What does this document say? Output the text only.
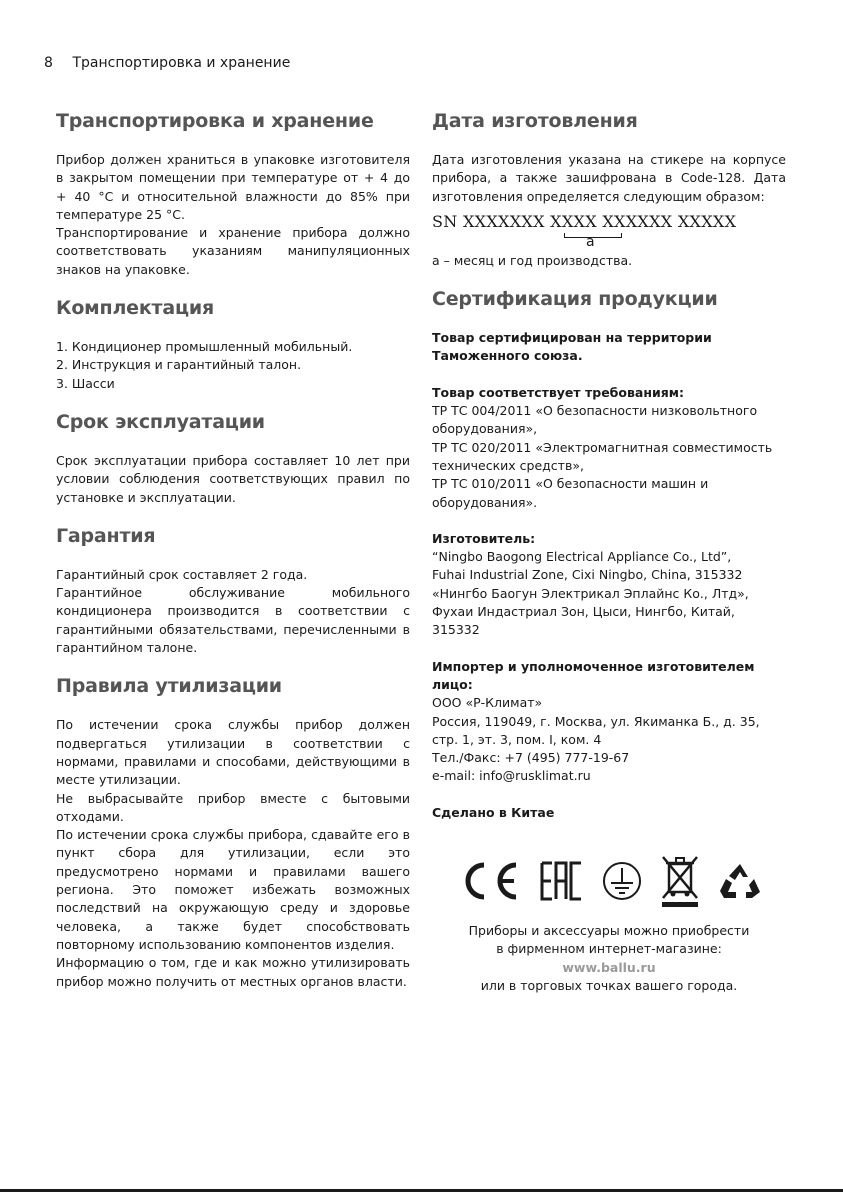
8 Транспортировка и хранение
Транспортировка и хранение

Прибор должен храниться в упаковке изготовителя в закрытом помещении при температуре от + 4 до + 40 °С и относительной влажности до 85% при температуре 25 °С.

Транспортирование и хранение прибора должно соответствовать указаниям манипуляционных знаков на упаковке.

Комплектация
1. Кондиционер промышленный мобильный.
2. Инструкция и гарантийный талон.
3. Шасси
Срок эксплуатации

Срок эксплуатации прибора составляет 10 лет при условии соблюдения соответствующих правил по установке и эксплуатации.

Гарантия

Гарантийный срок составляет 2 года.

Гарантийное обслуживание мобильного кондиционера производится в соответствии с гарантийными обязательствами, перечисленными в гарантийном талоне.

Правила утилизации

По истечении срока службы прибор должен подвергаться утилизации в соответствии с нормами, правилами и способами, действующими в месте утилизации.

Не выбрасывайте прибор вместе с бытовыми отходами.

По истечении срока службы прибора, сдавайте его в пункт сбора для утилизации, если это предусмотрено нормами и правилами вашего региона. Это поможет избежать возможных последствий на окружающую среду и здоровье человека, а также будет способствовать повторному использованию компонентов изделия.

Информацию о том, где и как можно утилизировать прибор можно получить от местных органов власти.

Дата изготовления

Дата изготовления указана на стикере на корпусе прибора, а также зашифрована в Code-128. Дата изготовления определяется следующим образом:

SN XXXXXXX XXXX XXXXXX XXXXX
a

а – месяц и год производства.

Сертификация продукции

Товар сертифицирован на территории Таможенного союза.

Товар соответствует требованиям:

ТР ТС 004/2011 «О безопасности низковольтного оборудования»,

ТР ТС 020/2011 «Электромагнитная совместимость технических средств»,

ТР ТС 010/2011 «О безопасности машин и оборудования».

Изготовитель:

“Ningbo Baogong Electrical Appliance Co., Ltd”,

Fuhai Industrial Zone, Cixi Ningbo, China, 315332

«Нингбо Баогун Электрикал Эплайнс Ко., Лтд»,

Фухаи Индастриал Зон, Цыси, Нингбо, Китай, 315332

Импортер и уполномоченное изготовителем лицо:

ООО «Р-Климат»

Россия, 119049, г. Москва, ул. Якиманка Б., д. 35, стр. 1, эт. 3, пом. I, ком. 4

Тел./Факс: +7 (495) 777-19-67

e-mail: info@rusklimat.ru

Сделано в Китае

Приборы и аксессуары можно приобрести

в фирменном интернет-магазине:

www.ballu.ru

или в торговых точках вашего города.
